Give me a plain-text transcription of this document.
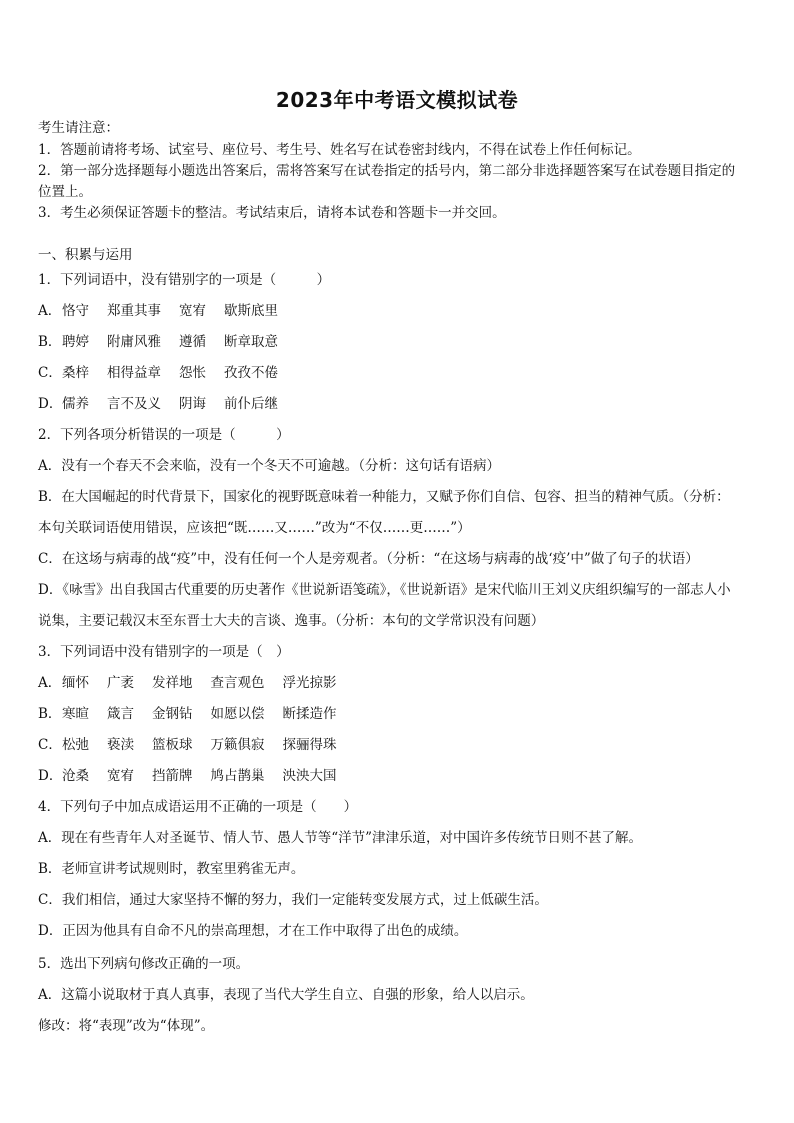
2023年中考语文模拟试卷
考生请注意：
1．答题前请将考场、试室号、座位号、考生号、姓名写在试卷密封线内，不得在试卷上作任何标记。
2．第一部分选择题每小题选出答案后，需将答案写在试卷指定的括号内，第二部分非选择题答案写在试卷题目指定的
位置上。
3．考生必须保证答题卡的整洁。考试结束后，请将本试卷和答题卡一并交回。
一、积累与运用
1．下列词语中，没有错别字的一项是（　　　）
A．恪守 郑重其事 宽宥 歇斯底里
B．聘婷 附庸风雅 遵循 断章取意
C．桑梓 相得益章 怨怅 孜孜不倦
D．儒养 言不及义 阴诲 前仆后继
2．下列各项分析错误的一项是（　　　）
A．没有一个春天不会来临，没有一个冬天不可逾越。（分析：这句话有语病）
B．在大国崛起的时代背景下，国家化的视野既意味着一种能力，又赋予你们自信、包容、担当的精神气质。（分析：
本句关联词语使用错误，应该把“既……又……”改为“不仅……更……”）
C．在这场与病毒的战“疫”中，没有任何一个人是旁观者。（分析：“在这场与病毒的战‘疫’中”做了句子的状语）
D．《咏雪》出自我国古代重要的历史著作《世说新语笺疏》，《世说新语》是宋代临川王刘义庆组织编写的一部志人小
说集，主要记载汉末至东晋士大夫的言谈、逸事。（分析：本句的文学常识没有问题）
3．下列词语中没有错别字的一项是（　）
A．缅怀 广袤 发祥地 查言观色 浮光掠影
B．寒暄 箴言 金钢钻 如愿以偿 断揉造作
C．松弛 亵渎 篮板球 万籁俱寂 探骊得珠
D．沧桑 宽宥 挡箭牌 鸠占鹊巢 泱泱大国
4．下列句子中加点成语运用不正确的一项是（　　）
A．现在有些青年人对圣诞节、情人节、愚人节等“洋节”津津乐道，对中国许多传统节日则不甚了解。
B．老师宣讲考试规则时，教室里鸦雀无声。
C．我们相信，通过大家坚持不懈的努力，我们一定能转变发展方式，过上低碳生活。
D．正因为他具有自命不凡的崇高理想，才在工作中取得了出色的成绩。
5．选出下列病句修改正确的一项。
A．这篇小说取材于真人真事，表现了当代大学生自立、自强的形象，给人以启示。
修改：将“表现”改为“体现”。
